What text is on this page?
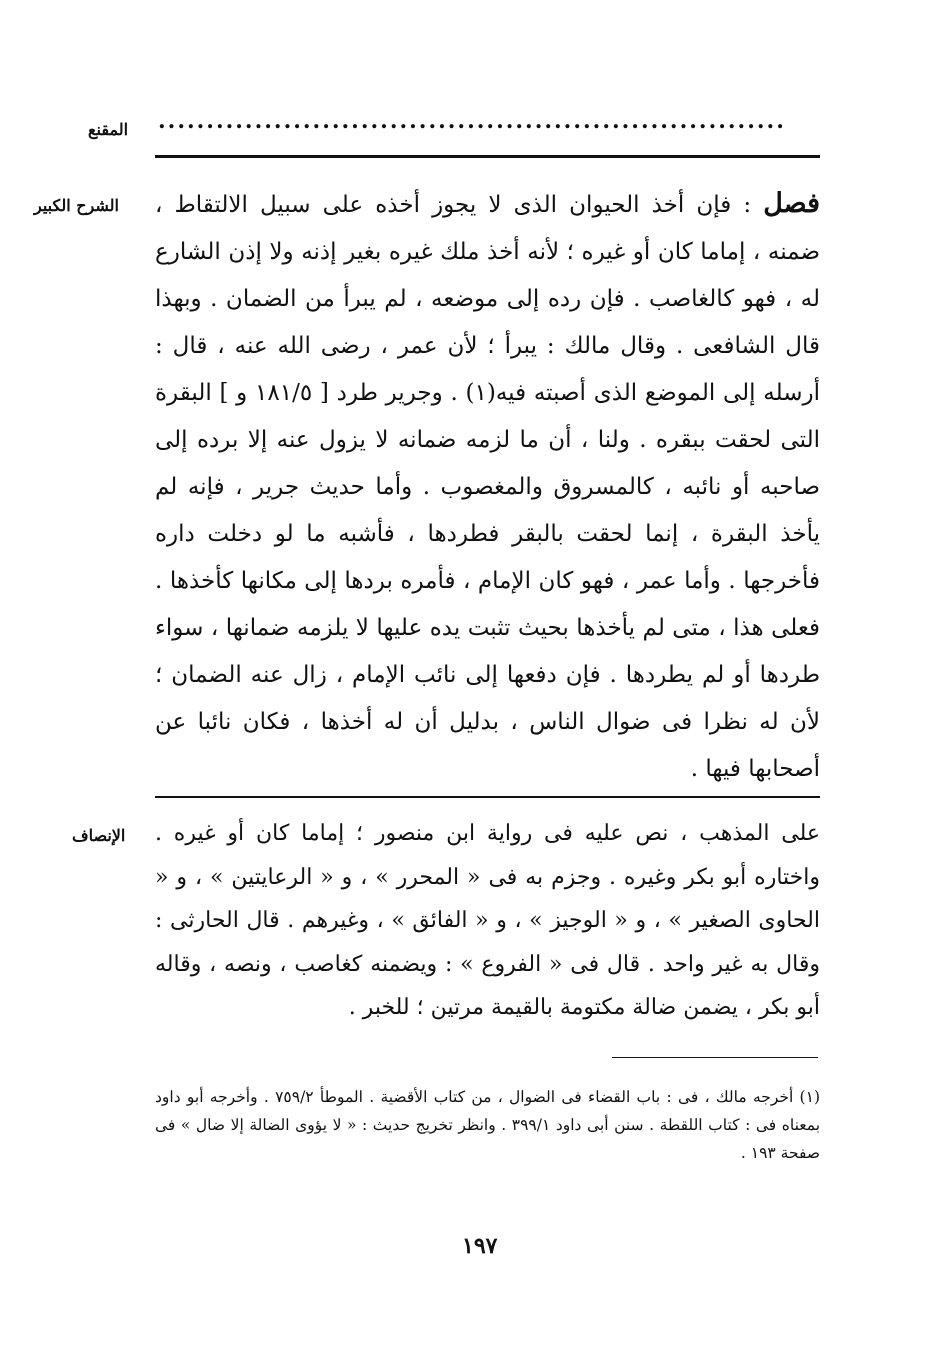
المقنع .................................................................
الشرح الكبير	فصل : فإن أخذ الحيوان الذى لا يجوز أخذه على سبيل الالتقاط ، ضمنه ، إماما كان أو غيره ؛ لأنه أخذ ملك غيره بغير إذنه ولا إذن الشارع له ، فهو كالغاصب . فإن رده إلى موضعه ، لم يبرأ من الضمان . وبهذا قال الشافعى . وقال مالك : يبرأ ؛ لأن عمر ، رضى الله عنه ، قال : أرسله إلى الموضع الذى أصبته فيه(١) . وجرير طرد [ ١٨١/٥ و ] البقرة التى لحقت ببقره . ولنا ، أن ما لزمه ضمانه لا يزول عنه إلا برده إلى صاحبه أو نائبه ، كالمسروق والمغصوب . وأما حديث جرير ، فإنه لم يأخذ البقرة ، إنما لحقت بالبقر فطردها ، فأشبه ما لو دخلت داره فأخرجها . وأما عمر ، فهو كان الإمام ، فأمره بردها إلى مكانها كأخذها . فعلى هذا ، متى لم يأخذها بحيث تثبت يده عليها لا يلزمه ضمانها ، سواء طردها أو لم يطردها . فإن دفعها إلى نائب الإمام ، زال عنه الضمان ؛ لأن له نظرا فى ضوال الناس ، بدليل أن له أخذها ، فكان نائبا عن أصحابها فيها .
الإنصاف على المذهب ، نص عليه فى رواية ابن منصور ؛ إماما كان أو غيره . واختاره أبو بكر وغيره . وجزم به فى « المحرر » ، و « الرعايتين » ، و « الحاوى الصغير » ، و « الوجيز » ، و « الفائق » ، وغيرهم . قال الحارثى : وقال به غير واحد . قال فى « الفروع » : ويضمنه كغاصب ، ونصه ، وقاله أبو بكر ، يضمن ضالة مكتومة بالقيمة مرتين ؛ للخبر .
(١) أخرجه مالك ، فى : باب القضاء فى الضوال ، من كتاب الأقضية . الموطأ ٧٥٩/٢ . وأخرجه أبو داود بمعناه فى : كتاب اللقطة . سنن أبى داود ٣٩٩/١ . وانظر تخريج حديث : « لا يؤوى الضالة إلا ضال » فى صفحة ١٩٣ .
١٩٧
